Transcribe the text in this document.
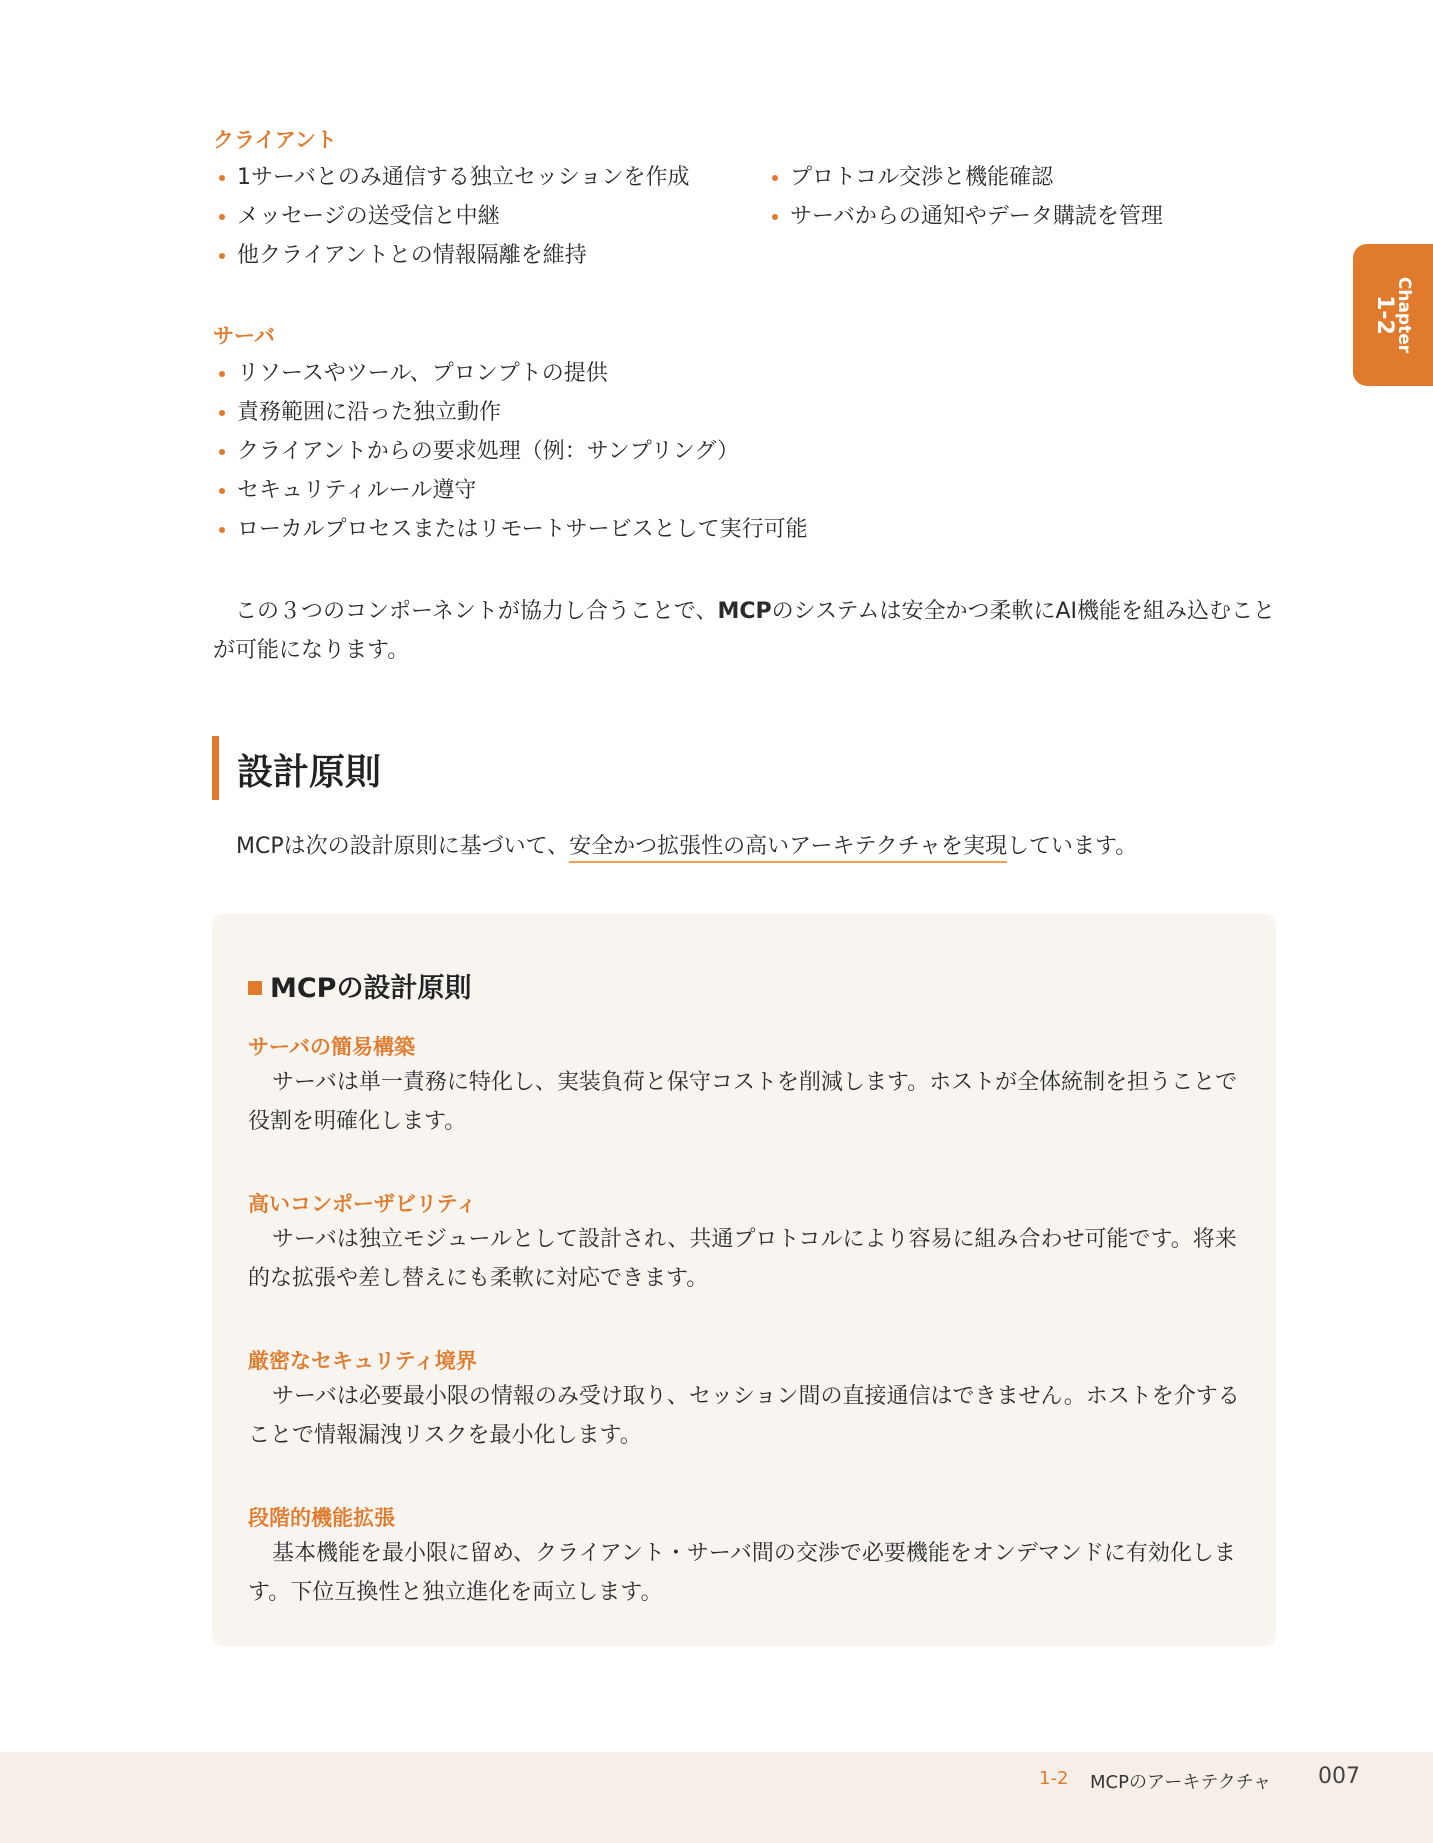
クライアント
1サーバとのみ通信する独立セッションを作成
メッセージの送受信と中継
他クライアントとの情報隔離を維持
プロトコル交渉と機能確認
サーバからの通知やデータ購読を管理
サーバ
リソースやツール、プロンプトの提供
責務範囲に沿った独立動作
クライアントからの要求処理（例：サンプリング）
セキュリティルール遵守
ローカルプロセスまたはリモートサービスとして実行可能
この３つのコンポーネントが協力し合うことで、MCPのシステムは安全かつ柔軟にAI機能を組み込むことが可能になります。
設計原則
MCPは次の設計原則に基づいて、安全かつ拡張性の高いアーキテクチャを実現しています。
MCPの設計原則
サーバの簡易構築
サーバは単一責務に特化し、実装負荷と保守コストを削減します。ホストが全体統制を担うことで役割を明確化します。
高いコンポーザビリティ
サーバは独立モジュールとして設計され、共通プロトコルにより容易に組み合わせ可能です。将来的な拡張や差し替えにも柔軟に対応できます。
厳密なセキュリティ境界
サーバは必要最小限の情報のみ受け取り、セッション間の直接通信はできません。ホストを介することで情報漏洩リスクを最小化します。
段階的機能拡張
基本機能を最小限に留め、クライアント・サーバ間の交渉で必要機能をオンデマンドに有効化します。下位互換性と独立進化を両立します。
Chapter
1-2
1-2 MCPのアーキテクチャ 007
